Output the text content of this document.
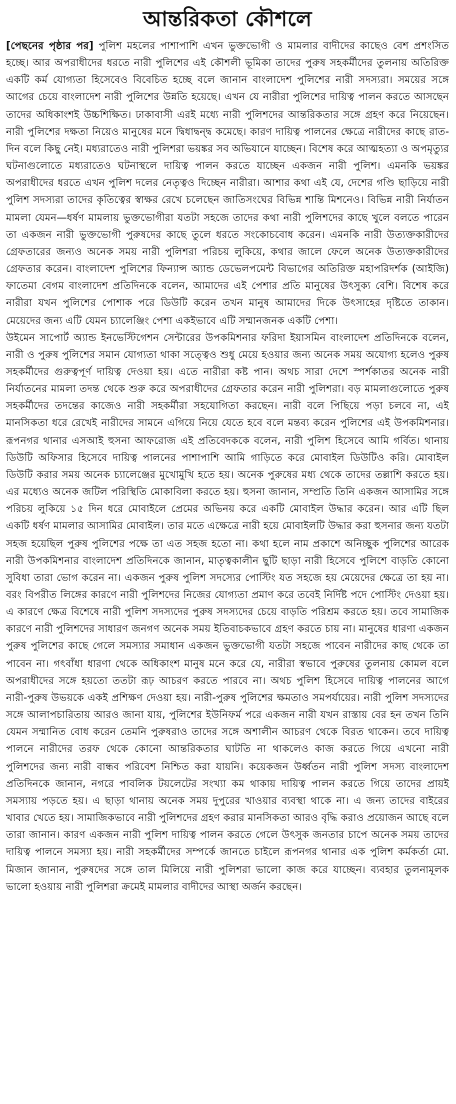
আন্তরিকতা কৌশলে

[পেছনের পৃষ্ঠার পর] পুলিশ মহলের পাশাপাশি এখন ভুক্তভোগী ও মামলার বাদীদের কাছেও বেশ প্রশংসিত হচ্ছে। আর অপরাধীদের ধরতে নারী পুলিশের এই কৌশলী ভূমিকা তাদের পুরুষ সহকর্মীদের তুলনায় অতিরিক্ত একটি কর্ম যোগ্যতা হিসেবেও বিবেচিত হচ্ছে বলে জানান বাংলাদেশ পুলিশের নারী সদস্যরা। সময়ের সঙ্গে আগের চেয়ে বাংলাদেশ নারী পুলিশের উন্নতি হয়েছে। এখন যে নারীরা পুলিশের দায়িত্ব পালন করতে আসছেন তাদের অধিকাংশই উচ্চশিক্ষিত। ঢাকাবাসী এরই মধ্যে নারী পুলিশদের আন্তরিকতার সঙ্গে গ্রহণ করে নিয়েছেন। নারী পুলিশের দক্ষতা নিয়েও মানুষের মনে দ্বিধাদ্বন্দ্ব কমেছে। কারণ দায়িত্ব পালনের ক্ষেত্রে নারীদের কাছে রাত-দিন বলে কিছু নেই। মধ্যরাতেও নারী পুলিশরা ভয়ঙ্কর সব অভিযানে যাচ্ছেন। বিশেষ করে আত্মহত্যা ও অপমৃত্যুর ঘটনাগুলোতে মধ্যরাতেও ঘটনাস্থলে দায়িত্ব পালন করতে যাচ্ছেন একজন নারী পুলিশ। এমনকি ভয়ঙ্কর অপরাধীদের ধরতে এখন পুলিশ দলের নেতৃত্বও দিচ্ছেন নারীরা। আশার কথা এই যে, দেশের গণ্ডি ছাড়িয়ে নারী পুলিশ সদস্যরা তাদের কৃতিত্বের স্বাক্ষর রেখে চলেছেন জাতিসংঘের বিভিন্ন শান্তি মিশনেও। বিভিন্ন নারী নির্যাতন মামলা যেমন—ধর্ষণ মামলায় ভুক্তভোগীরা যতটা সহজে তাদের কথা নারী পুলিশদের কাছে খুলে বলতে পারেন তা একজন নারী ভুক্তভোগী পুরুষদের কাছে তুলে ধরতে সংকোচবোধ করেন। এমনকি নারী উত্যক্তকারীদের গ্রেফতারের জন্যও অনেক সময় নারী পুলিশরা পরিচয় লুকিয়ে, কথার জালে ফেলে অনেক উত্যক্তকারীদের গ্রেফতার করেন। বাংলাদেশ পুলিশের ফিন্যান্স অ্যান্ড ডেভেলপমেন্ট বিভাগের অতিরিক্ত মহাপরিদর্শক (আইজি) ফাতেমা বেগম বাংলাদেশ প্রতিদিনকে বলেন, আমাদের এই পেশার প্রতি মানুষের উৎসুক্য বেশি। বিশেষ করে নারীরা যখন পুলিশের পোশাক পরে ডিউটি করেন তখন মানুষ আমাদের দিকে উৎসাহের দৃষ্টিতে তাকান। মেয়েদের জন্য এটি যেমন চ্যালেঞ্জিং পেশা একইভাবে এটি সম্মানজনক একটি পেশা।

উইমেন সাপোর্ট অ্যান্ড ইনভেস্টিগেশন সেন্টারের উপকমিশনার ফরিদা ইয়াসমিন বাংলাদেশ প্রতিদিনকে বলেন, নারী ও পুরুষ পুলিশের সমান যোগ্যতা থাকা সত্ত্বেও শুধু মেয়ে হওয়ার জন্য অনেক সময় অযোগ্য হলেও পুরুষ সহকর্মীদের গুরুত্বপূর্ণ দায়িত্ব দেওয়া হয়। এতে নারীরা কষ্ট পান। অথচ সারা দেশে স্পর্শকাতর অনেক নারী নির্যাতনের মামলা তদন্ত থেকে শুরু করে অপরাধীদের গ্রেফতার করেন নারী পুলিশরা। বড় মামলাগুলোতে পুরুষ সহকর্মীদের তদন্তের কাজেও নারী সহকর্মীরা সহযোগিতা করছেন। নারী বলে পিছিয়ে পড়া চলবে না, এই মানসিকতা ধরে রেখেই নারীদের সামনে এগিয়ে নিয়ে যেতে হবে বলে মন্তব্য করেন পুলিশের এই উপকমিশনার। রূপনগর থানার এসআই হুসনা আফরোজ এই প্রতিবেদককে বলেন, নারী পুলিশ হিসেবে আমি গর্বিত। থানায় ডিউটি অফিসার হিসেবে দায়িত্ব পালনের পাশাপাশি আমি গাড়িতে করে মোবাইল ডিউটিও করি। মোবাইল ডিউটি করার সময় অনেক চ্যালেঞ্জের মুখোমুখি হতে হয়। অনেক পুরুষের মধ্য থেকে তাদের তল্লাশি করতে হয়। এর মধ্যেও অনেক জটিল পরিস্থিতি মোকাবিলা করতে হয়। হুসনা জানান, সম্প্রতি তিনি একজন আসামির সঙ্গে পরিচয় লুকিয়ে ১৫ দিন ধরে মোবাইলে প্রেমের অভিনয় করে একটি মোবাইল উদ্ধার করেন। আর এটি ছিল একটি ধর্ষণ মামলার আসামির মোবাইল। তার মতে এক্ষেত্রে নারী হয়ে মোবাইলটি উদ্ধার করা হুসনার জন্য যতটা সহজ হয়েছিল পুরুষ পুলিশের পক্ষে তা এত সহজ হতো না। কথা হলে নাম প্রকাশে অনিচ্ছুক পুলিশের আরেক নারী উপকমিশনার বাংলাদেশ প্রতিদিনকে জানান, মাতৃত্বকালীন ছুটি ছাড়া নারী হিসেবে পুলিশে বাড়তি কোনো সুবিধা তারা ভোগ করেন না। একজন পুরুষ পুলিশ সদস্যের পোস্টিং যত সহজে হয় মেয়েদের ক্ষেত্রে তা হয় না। বরং বিপরীত লিঙ্গের কারণে নারী পুলিশদের নিজের যোগ্যতা প্রমাণ করে তবেই নির্দিষ্ট পদে পোস্টিং দেওয়া হয়। এ কারণে ক্ষেত্র বিশেষে নারী পুলিশ সদস্যদের পুরুষ সদস্যদের চেয়ে বাড়তি পরিশ্রম করতে হয়। তবে সামাজিক কারণে নারী পুলিশদের সাধারণ জনগণ অনেক সময় ইতিবাচকভাবে গ্রহণ করতে চায় না। মানুষের ধারণা একজন পুরুষ পুলিশের কাছে গেলে সমস্যার সমাধান একজন ভুক্তভোগী যতটা সহজে পাবেন নারীদের কাছ থেকে তা পাবেন না। গৎবাঁধা ধারণা থেকে অধিকাংশ মানুষ মনে করে যে, নারীরা স্বভাবে পুরুষের তুলনায় কোমল বলে অপরাধীদের সঙ্গে হয়তো ততটা রূঢ় আচরণ করতে পারবে না। অথচ পুলিশ হিসেবে দায়িত্ব পালনের আগে নারী-পুরুষ উভয়কে একই প্রশিক্ষণ দেওয়া হয়। নারী-পুরুষ পুলিশের ক্ষমতাও সমপর্যায়ের। নারী পুলিশ সদস্যদের সঙ্গে আলাপচারিতায় আরও জানা যায়, পুলিশের ইউনিফর্ম পরে একজন নারী যখন রাস্তায় বের হন তখন তিনি যেমন সম্মানিত বোধ করেন তেমনি পুরুষরাও তাদের সঙ্গে অশালীন আচরণ থেকে বিরত থাকেন। তবে দায়িত্ব পালনে নারীদের তরফ থেকে কোনো আন্তরিকতার ঘাটতি না থাকলেও কাজ করতে গিয়ে এখনো নারী পুলিশদের জন্য নারী বান্ধব পরিবেশ নিশ্চিত করা যায়নি। কয়েকজন উর্ধ্বতন নারী পুলিশ সদস্য বাংলাদেশ প্রতিদিনকে জানান, নগরে পাবলিক টয়লেটের সংখ্যা কম থাকায় দায়িত্ব পালন করতে গিয়ে তাদের প্রায়ই সমস্যায় পড়তে হয়। এ ছাড়া থানায় অনেক সময় দুপুরের খাওয়ার ব্যবস্থা থাকে না। এ জন্য তাদের বাইরের খাবার খেতে হয়। সামাজিকভাবে নারী পুলিশদের গ্রহণ করার মানসিকতা আরও বৃদ্ধি করাও প্রয়োজন আছে বলে তারা জানান। কারণ একজন নারী পুলিশ দায়িত্ব পালন করতে গেলে উৎসুক জনতার চাপে অনেক সময় তাদের দায়িত্ব পালনে সমস্যা হয়। নারী সহকর্মীদের সম্পর্কে জানতে চাইলে রূপনগর থানার এক পুলিশ কর্মকর্তা মো. মিজান জানান, পুরুষদের সঙ্গে তাল মিলিয়ে নারী পুলিশরা ভালো কাজ করে যাচ্ছেন। ব্যবহার তুলনামূলক ভালো হওয়ায় নারী পুলিশরা ক্রমেই মামলার বাদীদের আস্থা অর্জন করছেন।
